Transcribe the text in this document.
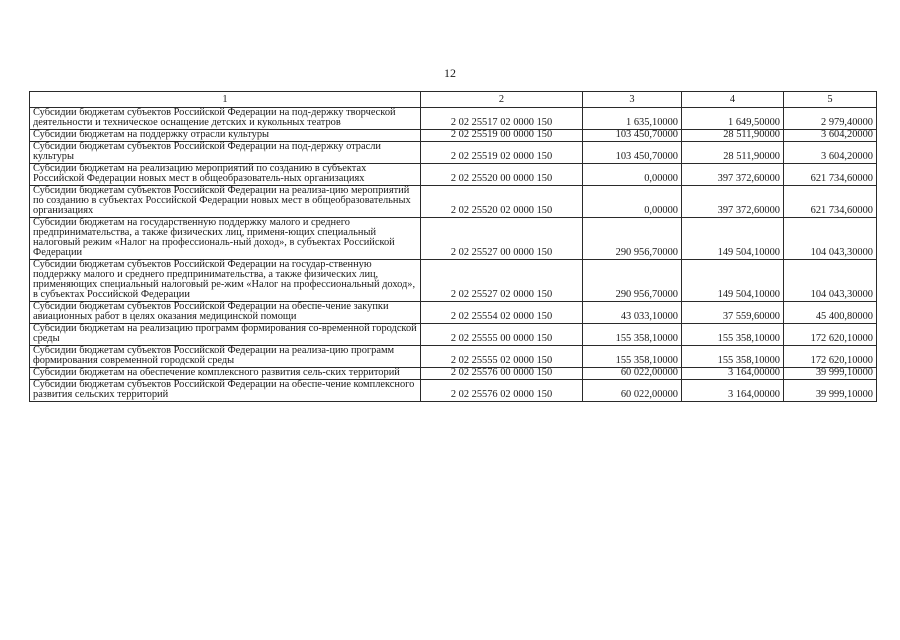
12
1	2	3	4	5
Субсидии бюджетам субъектов Российской Федерации на под-держку творческой деятельности и техническое оснащение детских и кукольных театров	2 02 25517 02 0000 150	1 635,10000	1 649,50000	2 979,40000
Субсидии бюджетам на поддержку отрасли культуры	2 02 25519 00 0000 150	103 450,70000	28 511,90000	3 604,20000
Субсидии бюджетам субъектов Российской Федерации на под-держку отрасли культуры	2 02 25519 02 0000 150	103 450,70000	28 511,90000	3 604,20000
Субсидии бюджетам на реализацию мероприятий по созданию в субъектах Российской Федерации новых мест в общеобразователь-ных организациях	2 02 25520 00 0000 150	0,00000	397 372,60000	621 734,60000
Субсидии бюджетам субъектов Российской Федерации на реализа-цию мероприятий по созданию в субъектах Российской Федерации новых мест в общеобразовательных организациях	2 02 25520 02 0000 150	0,00000	397 372,60000	621 734,60000
Субсидии бюджетам на государственную поддержку малого и среднего предпринимательства, а также физических лиц, применя-ющих специальный налоговый режим «Налог на профессиональ-ный доход», в субъектах Российской Федерации	2 02 25527 00 0000 150	290 956,70000	149 504,10000	104 043,30000
Субсидии бюджетам субъектов Российской Федерации на государ-ственную поддержку малого и среднего предпринимательства, а также физических лиц, применяющих специальный налоговый ре-жим «Налог на профессиональный доход», в субъектах Российской Федерации	2 02 25527 02 0000 150	290 956,70000	149 504,10000	104 043,30000
Субсидии бюджетам субъектов Российской Федерации на обеспе-чение закупки авиационных работ в целях оказания медицинской помощи	2 02 25554 02 0000 150	43 033,10000	37 559,60000	45 400,80000
Субсидии бюджетам на реализацию программ формирования со-временной городской среды	2 02 25555 00 0000 150	155 358,10000	155 358,10000	172 620,10000
Субсидии бюджетам субъектов Российской Федерации на реализа-цию программ формирования современной городской среды	2 02 25555 02 0000 150	155 358,10000	155 358,10000	172 620,10000
Субсидии бюджетам на обеспечение комплексного развития сель-ских территорий	2 02 25576 00 0000 150	60 022,00000	3 164,00000	39 999,10000
Субсидии бюджетам субъектов Российской Федерации на обеспе-чение комплексного развития сельских территорий	2 02 25576 02 0000 150	60 022,00000	3 164,00000	39 999,10000
